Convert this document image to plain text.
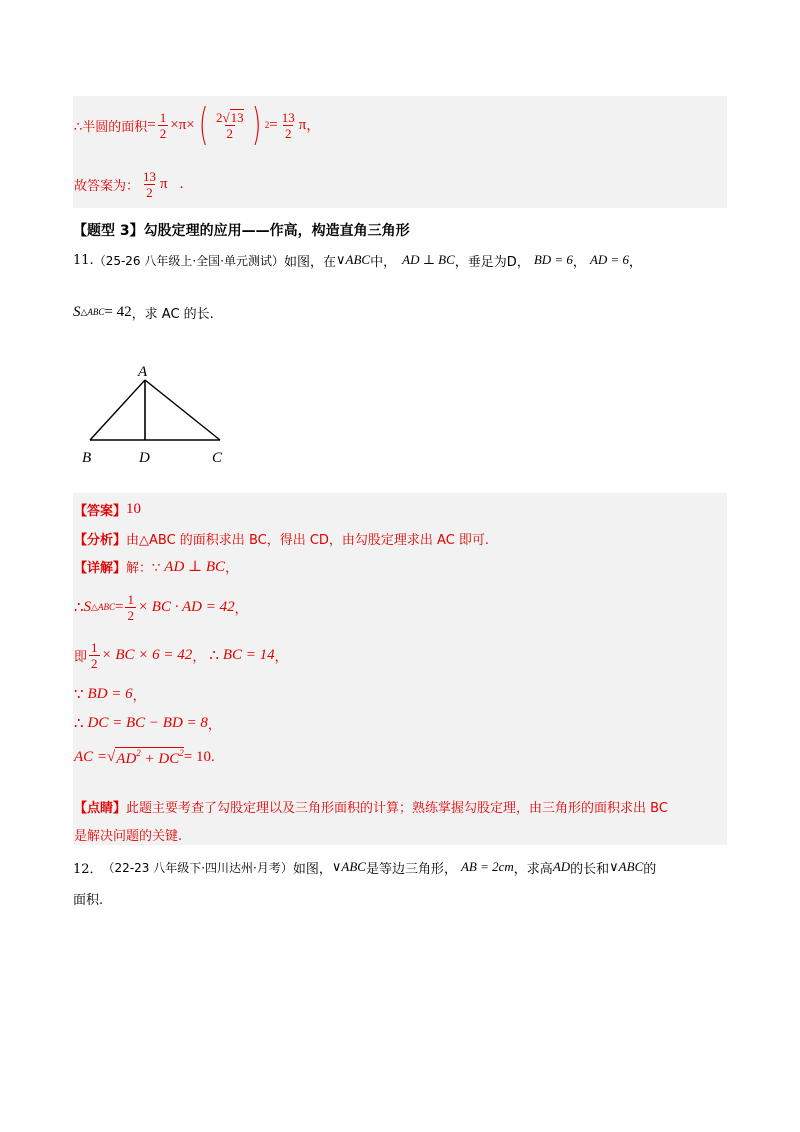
∴半圆的面积 = $\frac{1}{2} \times \pi$ × ( $\frac{2√13}{2}$ ) $2 = \frac{13}{2}$ π ，
故答案为： $\frac{13}{2}$ π .
【题型 3】勾股定理的应用——作高，构造直角三角形
11. （25-26 八年级上·全国·单元测试） 如图，在 ∨ABC 中， AD ⊥ BC ，垂足为D， BD = 6 ， AD = 6 ，
S △ABC = 42 ，求 AC 的长.
A
B	D	C
【答案】 10
【分析】 由△ABC 的面积求出 BC，得出 CD，由勾股定理求出 AC 即可.
【详解】 解：∵ AD ⊥ BC ，
∴ S △ABC = $\frac{1}{2}$ × BC · AD = 42 ，
即 $\frac{1}{2}$ × BC × 6 = 42 ， ∴ BC = 14 ，
∵ BD = 6 ，
∴ DC = BC − BD = 8 ，
AC = √ $AD^2 + DC^2 = 10$ .
【点睛】 此题主要考查了勾股定理以及三角形面积的计算；熟练掌握勾股定理，由三角形的面积求出 BC
是解决问题的关键.
12． （22-23 八年级下·四川达州·月考） 如图， ∨ABC 是等边三角形， AB = 2cm ，求高 AD 的长和 ∨ABC 的
面积.
